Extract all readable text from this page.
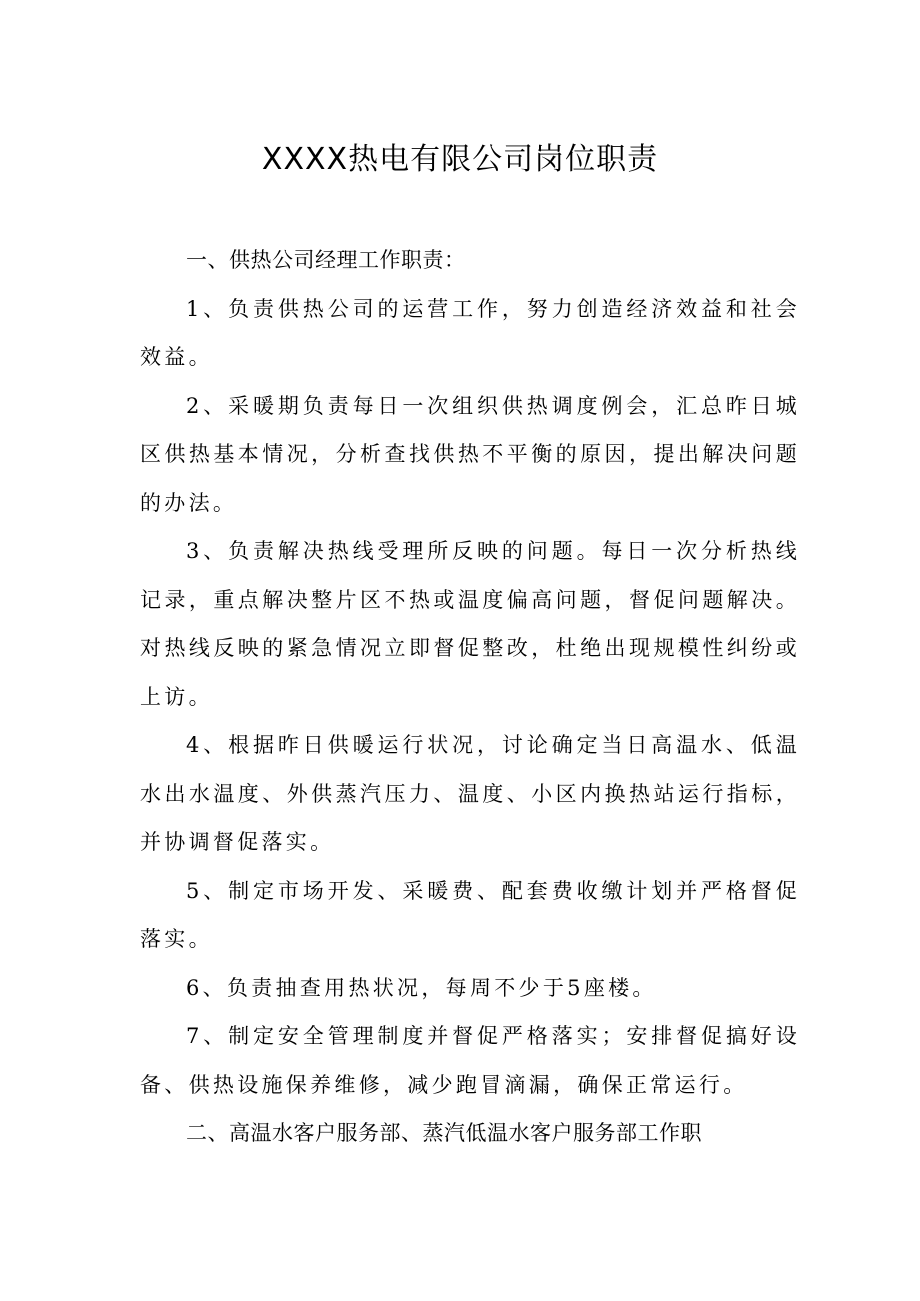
XXXX热电有限公司岗位职责
一、供热公司经理工作职责：

1、负责供热公司的运营工作，努力创造经济效益和社会效益。

2、采暖期负责每日一次组织供热调度例会，汇总昨日城区供热基本情况，分析查找供热不平衡的原因，提出解决问题的办法。

3、负责解决热线受理所反映的问题。每日一次分析热线记录，重点解决整片区不热或温度偏高问题，督促问题解决。对热线反映的紧急情况立即督促整改，杜绝出现规模性纠纷或上访。

4、根据昨日供暖运行状况，讨论确定当日高温水、低温水出水温度、外供蒸汽压力、温度、小区内换热站运行指标，并协调督促落实。

5、制定市场开发、采暖费、配套费收缴计划并严格督促落实。

6、负责抽查用热状况，每周不少于5座楼。

7、制定安全管理制度并督促严格落实；安排督促搞好设备、供热设施保养维修，减少跑冒滴漏，确保正常运行。

二、高温水客户服务部、蒸汽低温水客户服务部工作职
